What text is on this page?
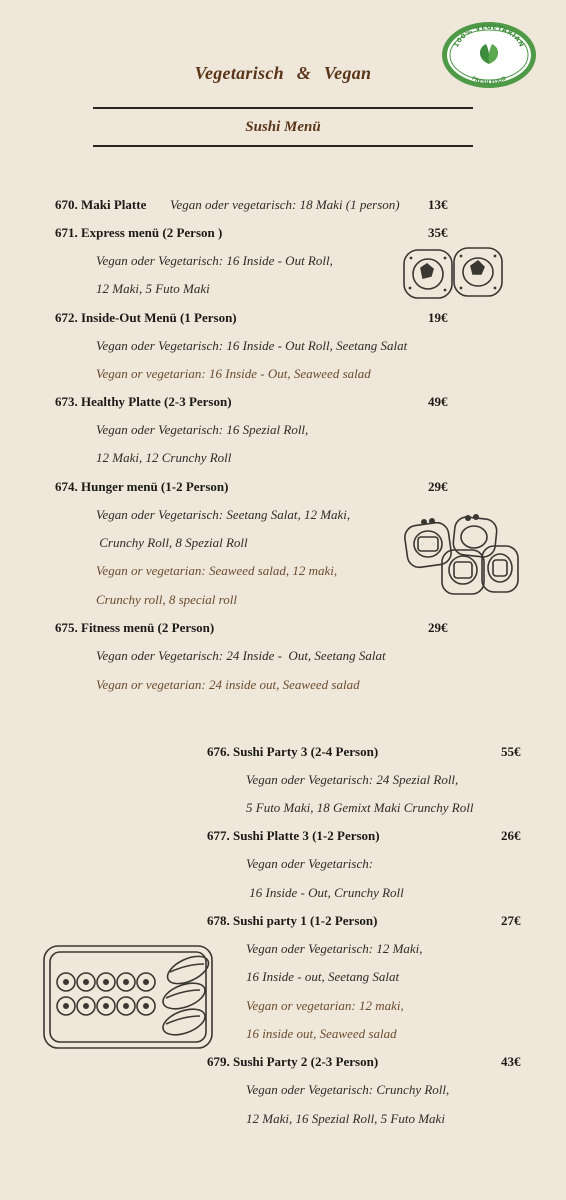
Vegetarisch & Vegan
Sushi Menü
100% VEGETARIAN
FRESH FOOD
670. Maki Platte Vegan oder vegetarisch: 18 Maki (1 person) 13€
671. Express menü (2 Person )	35€
Vegan oder Vegetarisch: 16 Inside - Out Roll,
12 Maki, 5 Futo Maki
672. Inside-Out Menü (1 Person)	19€
Vegan oder Vegetarisch: 16 Inside - Out Roll, Seetang Salat
Vegan or vegetarian: 16 Inside - Out, Seaweed salad
673. Healthy Platte (2-3 Person)	49€
Vegan oder Vegetarisch: 16 Spezial Roll,
12 Maki, 12 Crunchy Roll
674. Hunger menü (1-2 Person)	29€
Vegan oder Vegetarisch: Seetang Salat, 12 Maki,
Crunchy Roll, 8 Spezial Roll
Vegan or vegetarian: Seaweed salad, 12 maki,
Crunchy roll, 8 special roll
675. Fitness menü (2 Person)	29€
Vegan oder Vegetarisch: 24 Inside -  Out, Seetang Salat
Vegan or vegetarian: 24 inside out, Seaweed salad
676. Sushi Party 3 (2-4 Person)	55€
Vegan oder Vegetarisch: 24 Spezial Roll,
5 Futo Maki, 18 Gemixt Maki Crunchy Roll
677. Sushi Platte 3 (1-2 Person)	26€
Vegan oder Vegetarisch:
16 Inside - Out, Crunchy Roll
678. Sushi party 1 (1-2 Person)	27€
Vegan oder Vegetarisch: 12 Maki,
16 Inside - out, Seetang Salat
Vegan or vegetarian: 12 maki,
16 inside out, Seaweed salad
679. Sushi Party 2 (2-3 Person)	43€
Vegan oder Vegetarisch: Crunchy Roll,
12 Maki, 16 Spezial Roll, 5 Futo Maki
